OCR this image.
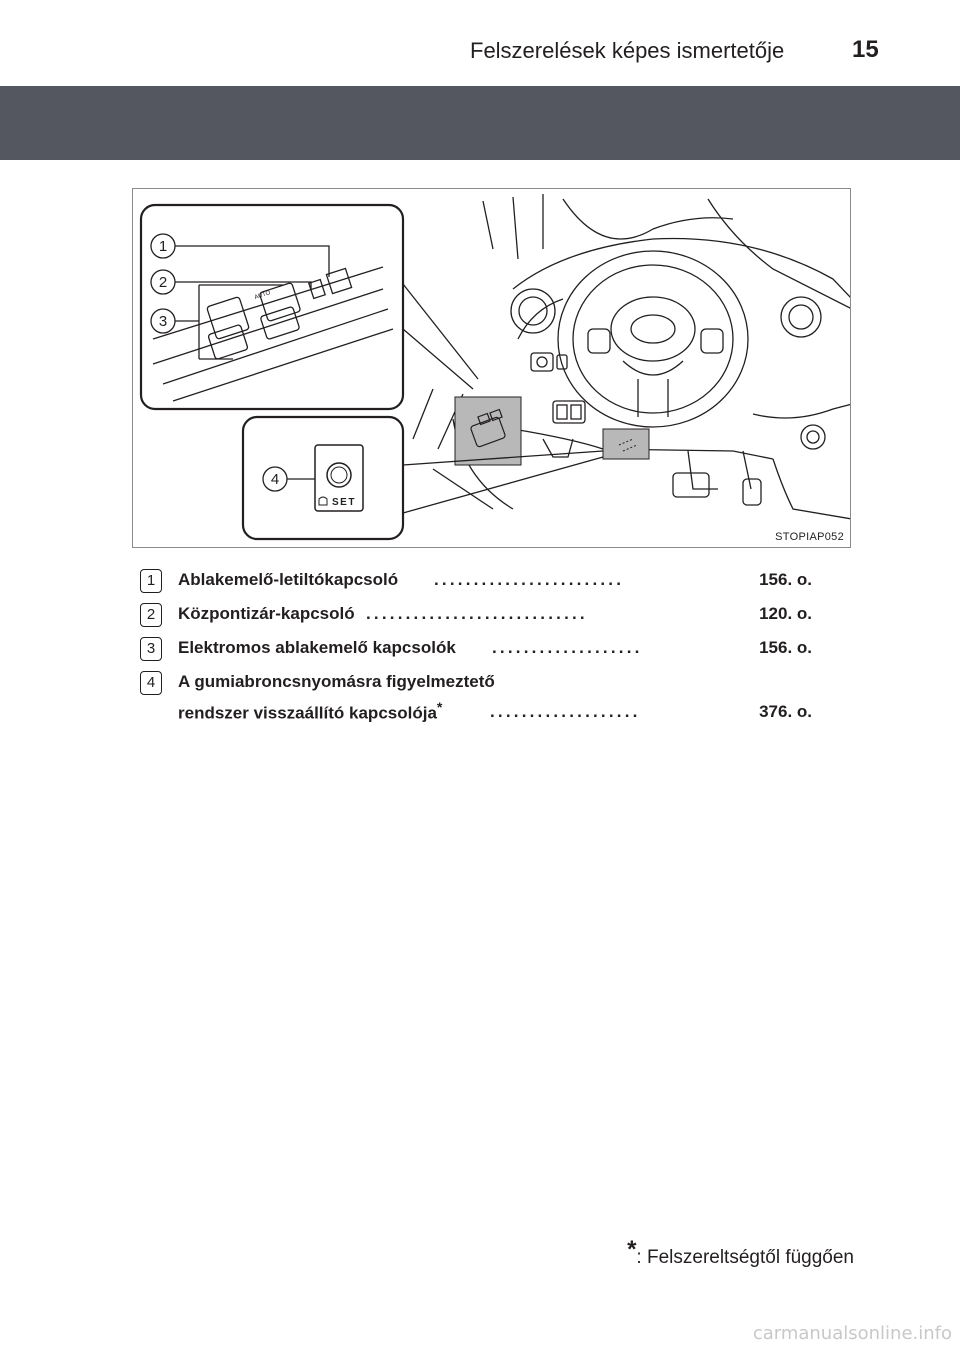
Felszerelések képes ismertetője	15
AUTO
SET
1
2
3
4
STOPIAP052
1	Ablakemelő-letiltókapcsoló ........................	156. o.
2	Központizár-kapcsoló ............................	120. o.
3	Elektromos ablakemelő kapcsolók ...................	156. o.
4	A gumiabroncsnyomásra figyelmeztető
rendszer visszaállító kapcsolója*	...................	376. o.
*: Felszereltségtől függően
carmanualsonline.info
